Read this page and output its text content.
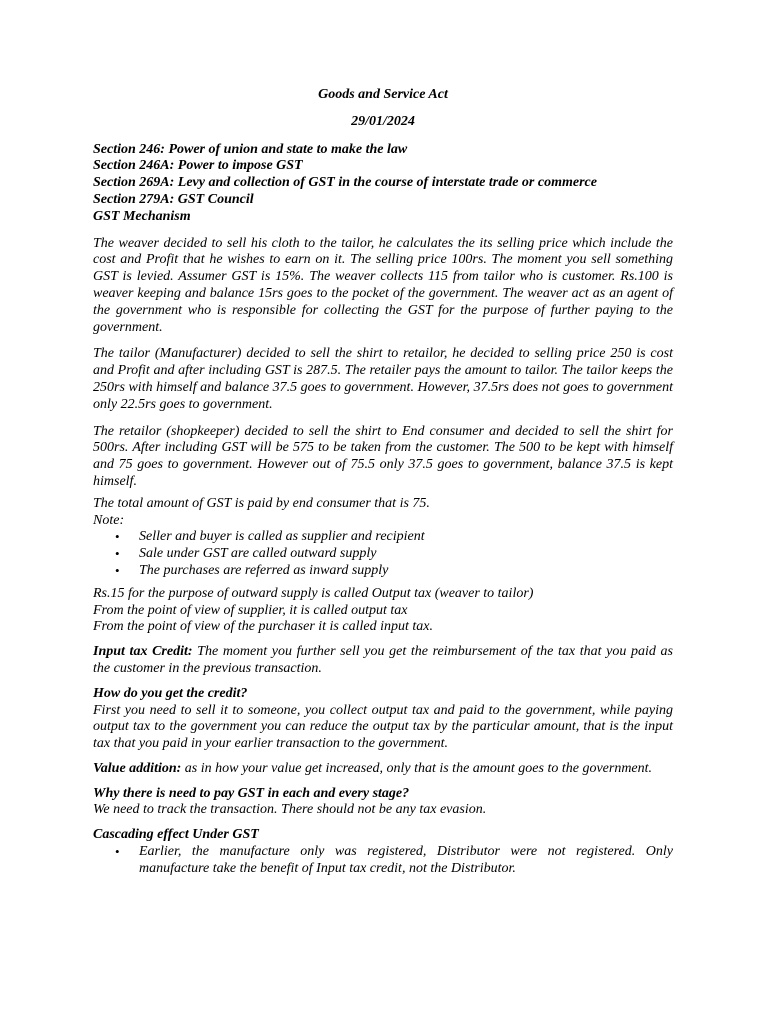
Goods and Service Act

29/01/2024

Section 246: Power of union and state to make the law
Section 246A: Power to impose GST
Section 269A: Levy and collection of GST in the course of interstate trade or commerce
Section 279A: GST Council
GST Mechanism

The weaver decided to sell his cloth to the tailor, he calculates the its selling price which include the cost and Profit that he wishes to earn on it. The selling price 100rs. The moment you sell something GST is levied. Assumer GST is 15%. The weaver collects 115 from tailor who is customer. Rs.100 is weaver keeping and balance 15rs goes to the pocket of the government. The weaver act as an agent of the government who is responsible for collecting the GST for the purpose of further paying to the government.

The tailor (Manufacturer) decided to sell the shirt to retailor, he decided to selling price 250 is cost and Profit and after including GST is 287.5. The retailer pays the amount to tailor. The tailor keeps the 250rs with himself and balance 37.5 goes to government. However, 37.5rs does not goes to government only 22.5rs goes to government.

The retailor (shopkeeper) decided to sell the shirt to End consumer and decided to sell the shirt for 500rs. After including GST will be 575 to be taken from the customer. The 500 to be kept with himself and 75 goes to government. However out of 75.5 only 37.5 goes to government, balance 37.5 is kept himself.

The total amount of GST is paid by end consumer that is 75.

Note:

• Seller and buyer is called as supplier and recipient
• Sale under GST are called outward supply
• The purchases are referred as inward supply

Rs.15 for the purpose of outward supply is called Output tax (weaver to tailor)

From the point of view of supplier, it is called output tax

From the point of view of the purchaser it is called input tax.

Input tax Credit: The moment you further sell you get the reimbursement of the tax that you paid as the customer in the previous transaction.

How do you get the credit?

First you need to sell it to someone, you collect output tax and paid to the government, while paying output tax to the government you can reduce the output tax by the particular amount, that is the input tax that you paid in your earlier transaction to the government.

Value addition: as in how your value get increased, only that is the amount goes to the government.

Why there is need to pay GST in each and every stage?

We need to track the transaction. There should not be any tax evasion.

Cascading effect Under GST

• Earlier, the manufacture only was registered, Distributor were not registered. Only manufacture take the benefit of Input tax credit, not the Distributor.
